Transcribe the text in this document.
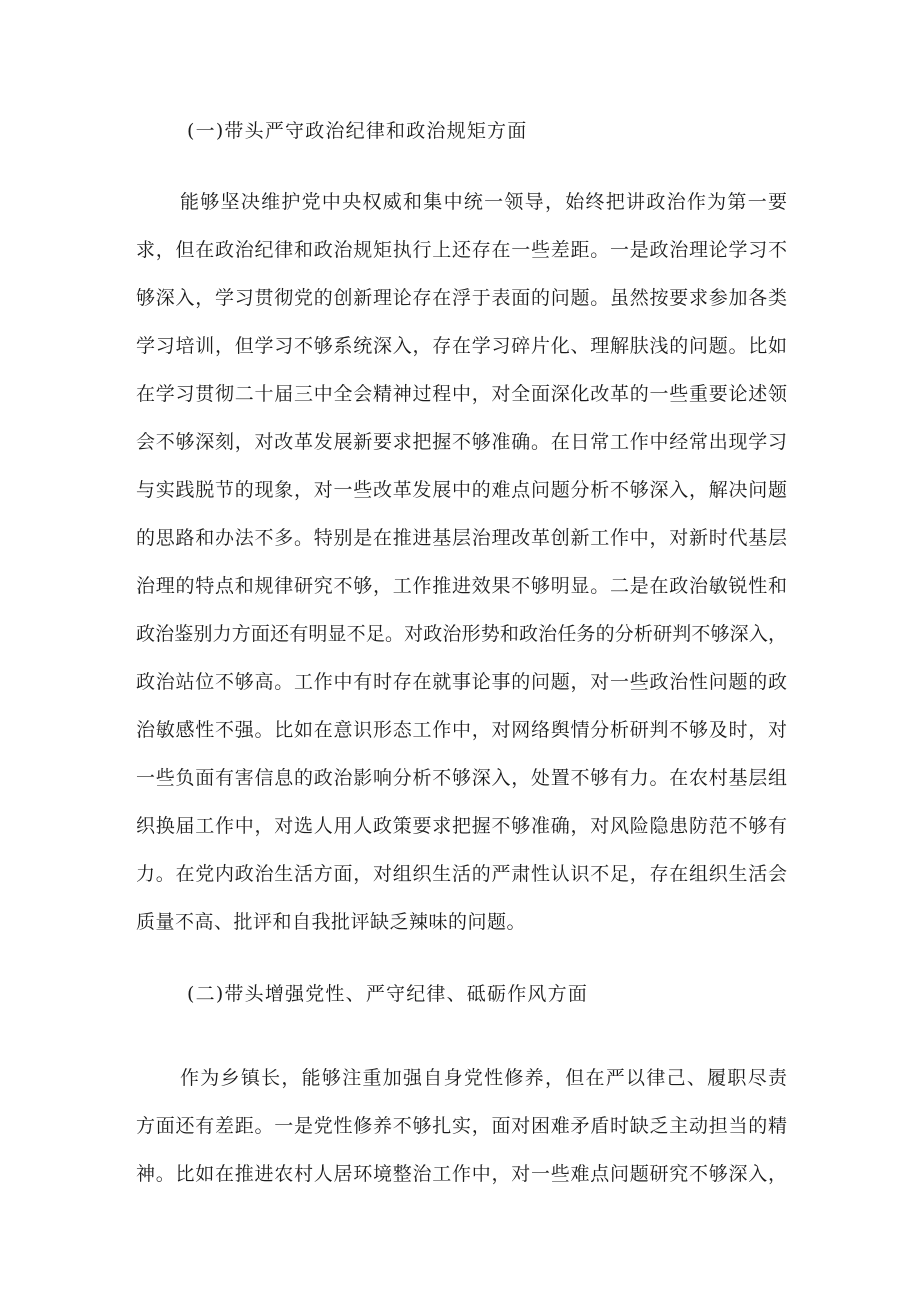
(一)带头严守政治纪律和政治规矩方面
能够坚决维护党中央权威和集中统一领导，始终把讲政治作为第一要
求，但在政治纪律和政治规矩执行上还存在一些差距。一是政治理论学习不
够深入，学习贯彻党的创新理论存在浮于表面的问题。虽然按要求参加各类
学习培训，但学习不够系统深入，存在学习碎片化、理解肤浅的问题。比如
在学习贯彻二十届三中全会精神过程中，对全面深化改革的一些重要论述领
会不够深刻，对改革发展新要求把握不够准确。在日常工作中经常出现学习
与实践脱节的现象，对一些改革发展中的难点问题分析不够深入，解决问题
的思路和办法不多。特别是在推进基层治理改革创新工作中，对新时代基层
治理的特点和规律研究不够，工作推进效果不够明显。二是在政治敏锐性和
政治鉴别力方面还有明显不足。对政治形势和政治任务的分析研判不够深入，
政治站位不够高。工作中有时存在就事论事的问题，对一些政治性问题的政
治敏感性不强。比如在意识形态工作中，对网络舆情分析研判不够及时，对
一些负面有害信息的政治影响分析不够深入，处置不够有力。在农村基层组
织换届工作中，对选人用人政策要求把握不够准确，对风险隐患防范不够有
力。在党内政治生活方面，对组织生活的严肃性认识不足，存在组织生活会
质量不高、批评和自我批评缺乏辣味的问题。
(二)带头增强党性、严守纪律、砥砺作风方面
作为乡镇长，能够注重加强自身党性修养，但在严以律己、履职尽责
方面还有差距。一是党性修养不够扎实，面对困难矛盾时缺乏主动担当的精
神。比如在推进农村人居环境整治工作中，对一些难点问题研究不够深入，
